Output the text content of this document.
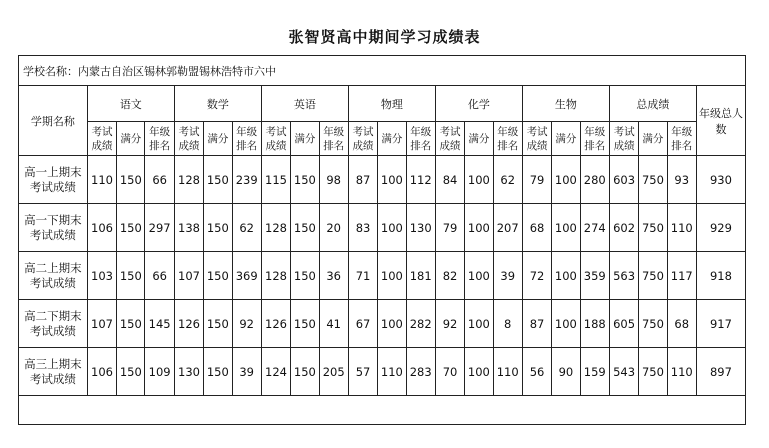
张智贤高中期间学习成绩表
学校名称：内蒙古自治区锡林郭勒盟锡林浩特市六中																						
学期名称	语文			数学			英语			物理			化学			生物			总成绩			年级总人数
	考试成绩	满分	年级排名	考试成绩	满分	年级排名	考试成绩	满分	年级排名	考试成绩	满分	年级排名	考试成绩	满分	年级排名	考试成绩	满分	年级排名	考试成绩	满分	年级排名	
高一上期末考试成绩	110	150	66	128	150	239	115	150	98	87	100	112	84	100	62	79	100	280	603	750	93	930
高一下期末考试成绩	106	150	297	138	150	62	128	150	20	83	100	130	79	100	207	68	100	274	602	750	110	929
高二上期末考试成绩	103	150	66	107	150	369	128	150	36	71	100	181	82	100	39	72	100	359	563	750	117	918
高二下期末考试成绩	107	150	145	126	150	92	126	150	41	67	100	282	92	100	8	87	100	188	605	750	68	917
高三上期末考试成绩	106	150	109	130	150	39	124	150	205	57	110	283	70	100	110	56	90	159	543	750	110	897
